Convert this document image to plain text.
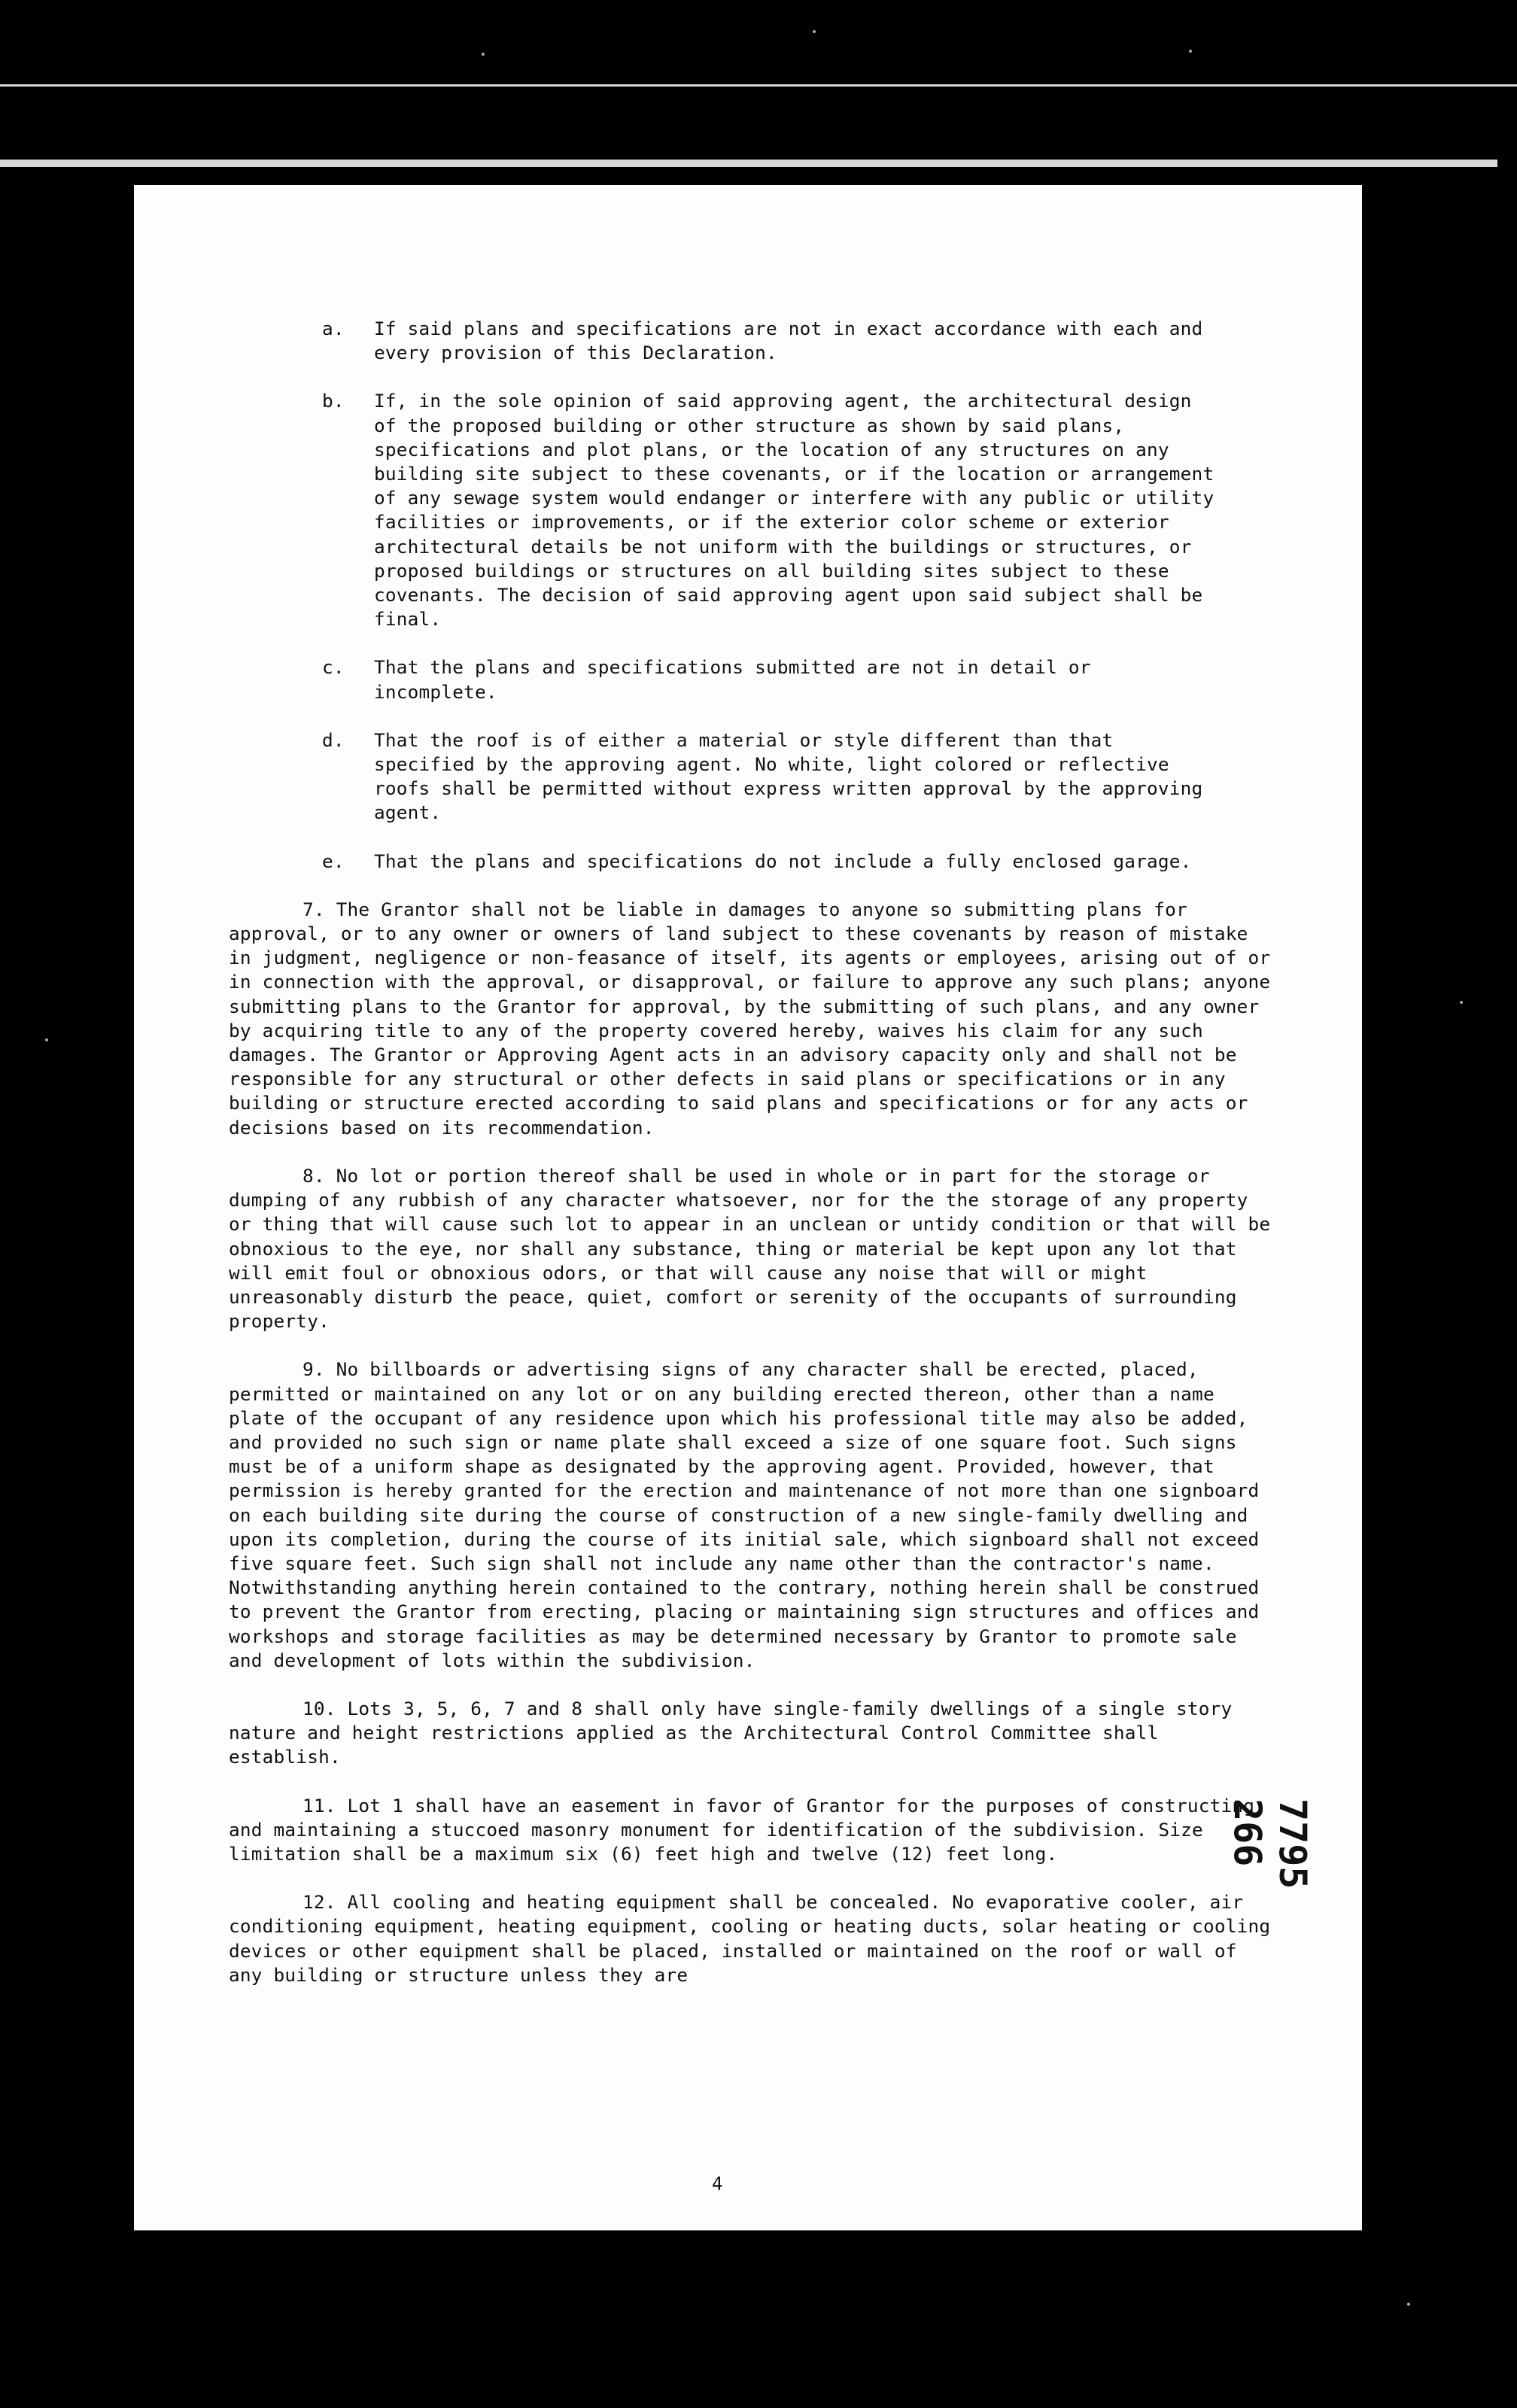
a. If said plans and specifications are not in exact accordance with each and every provision of this Declaration.
b. If, in the sole opinion of said approving agent, the architectural design of the proposed building or other structure as shown by said plans, specifications and plot plans, or the location of any structures on any building site subject to these covenants, or if the location or arrangement of any sewage system would endanger or interfere with any public or utility facilities or improvements, or if the exterior color scheme or exterior architectural details be not uniform with the buildings or structures, or proposed buildings or structures on all building sites subject to these covenants. The decision of said approving agent upon said subject shall be final.
c. That the plans and specifications submitted are not in detail or incomplete.
d. That the roof is of either a material or style different than that specified by the approving agent. No white, light colored or reflective roofs shall be permitted without express written approval by the approving agent.
e. That the plans and specifications do not include a fully enclosed garage.
7. The Grantor shall not be liable in damages to anyone so submitting plans for approval, or to any owner or owners of land subject to these covenants by reason of mistake in judgment, negligence or non-feasance of itself, its agents or employees, arising out of or in connection with the approval, or disapproval, or failure to approve any such plans; anyone submitting plans to the Grantor for approval, by the submitting of such plans, and any owner by acquiring title to any of the property covered hereby, waives his claim for any such damages. The Grantor or Approving Agent acts in an advisory capacity only and shall not be responsible for any structural or other defects in said plans or specifications or in any building or structure erected according to said plans and specifications or for any acts or decisions based on its recommendation.
8. No lot or portion thereof shall be used in whole or in part for the storage or dumping of any rubbish of any character whatsoever, nor for the the storage of any property or thing that will cause such lot to appear in an unclean or untidy condition or that will be obnoxious to the eye, nor shall any substance, thing or material be kept upon any lot that will emit foul or obnoxious odors, or that will cause any noise that will or might unreasonably disturb the peace, quiet, comfort or serenity of the occupants of surrounding property.
9. No billboards or advertising signs of any character shall be erected, placed, permitted or maintained on any lot or on any building erected thereon, other than a name plate of the occupant of any residence upon which his professional title may also be added, and provided no such sign or name plate shall exceed a size of one square foot. Such signs must be of a uniform shape as designated by the approving agent. Provided, however, that permission is hereby granted for the erection and maintenance of not more than one signboard on each building site during the course of construction of a new single-family dwelling and upon its completion, during the course of its initial sale, which signboard shall not exceed five square feet. Such sign shall not include any name other than the contractor's name. Notwithstanding anything herein contained to the contrary, nothing herein shall be construed to prevent the Grantor from erecting, placing or maintaining sign structures and offices and workshops and storage facilities as may be determined necessary by Grantor to promote sale and development of lots within the subdivision.
10. Lots 3, 5, 6, 7 and 8 shall only have single-family dwellings of a single story nature and height restrictions applied as the Architectural Control Committee shall establish.
11. Lot 1 shall have an easement in favor of Grantor for the purposes of constructing and maintaining a stuccoed masonry monument for identification of the subdivision. Size limitation shall be a maximum six (6) feet high and twelve (12) feet long.
12. All cooling and heating equipment shall be concealed. No evaporative cooler, air conditioning equipment, heating equipment, cooling or heating ducts, solar heating or cooling devices or other equipment shall be placed, installed or maintained on the roof or wall of any building or structure unless they are
4
7795
266
